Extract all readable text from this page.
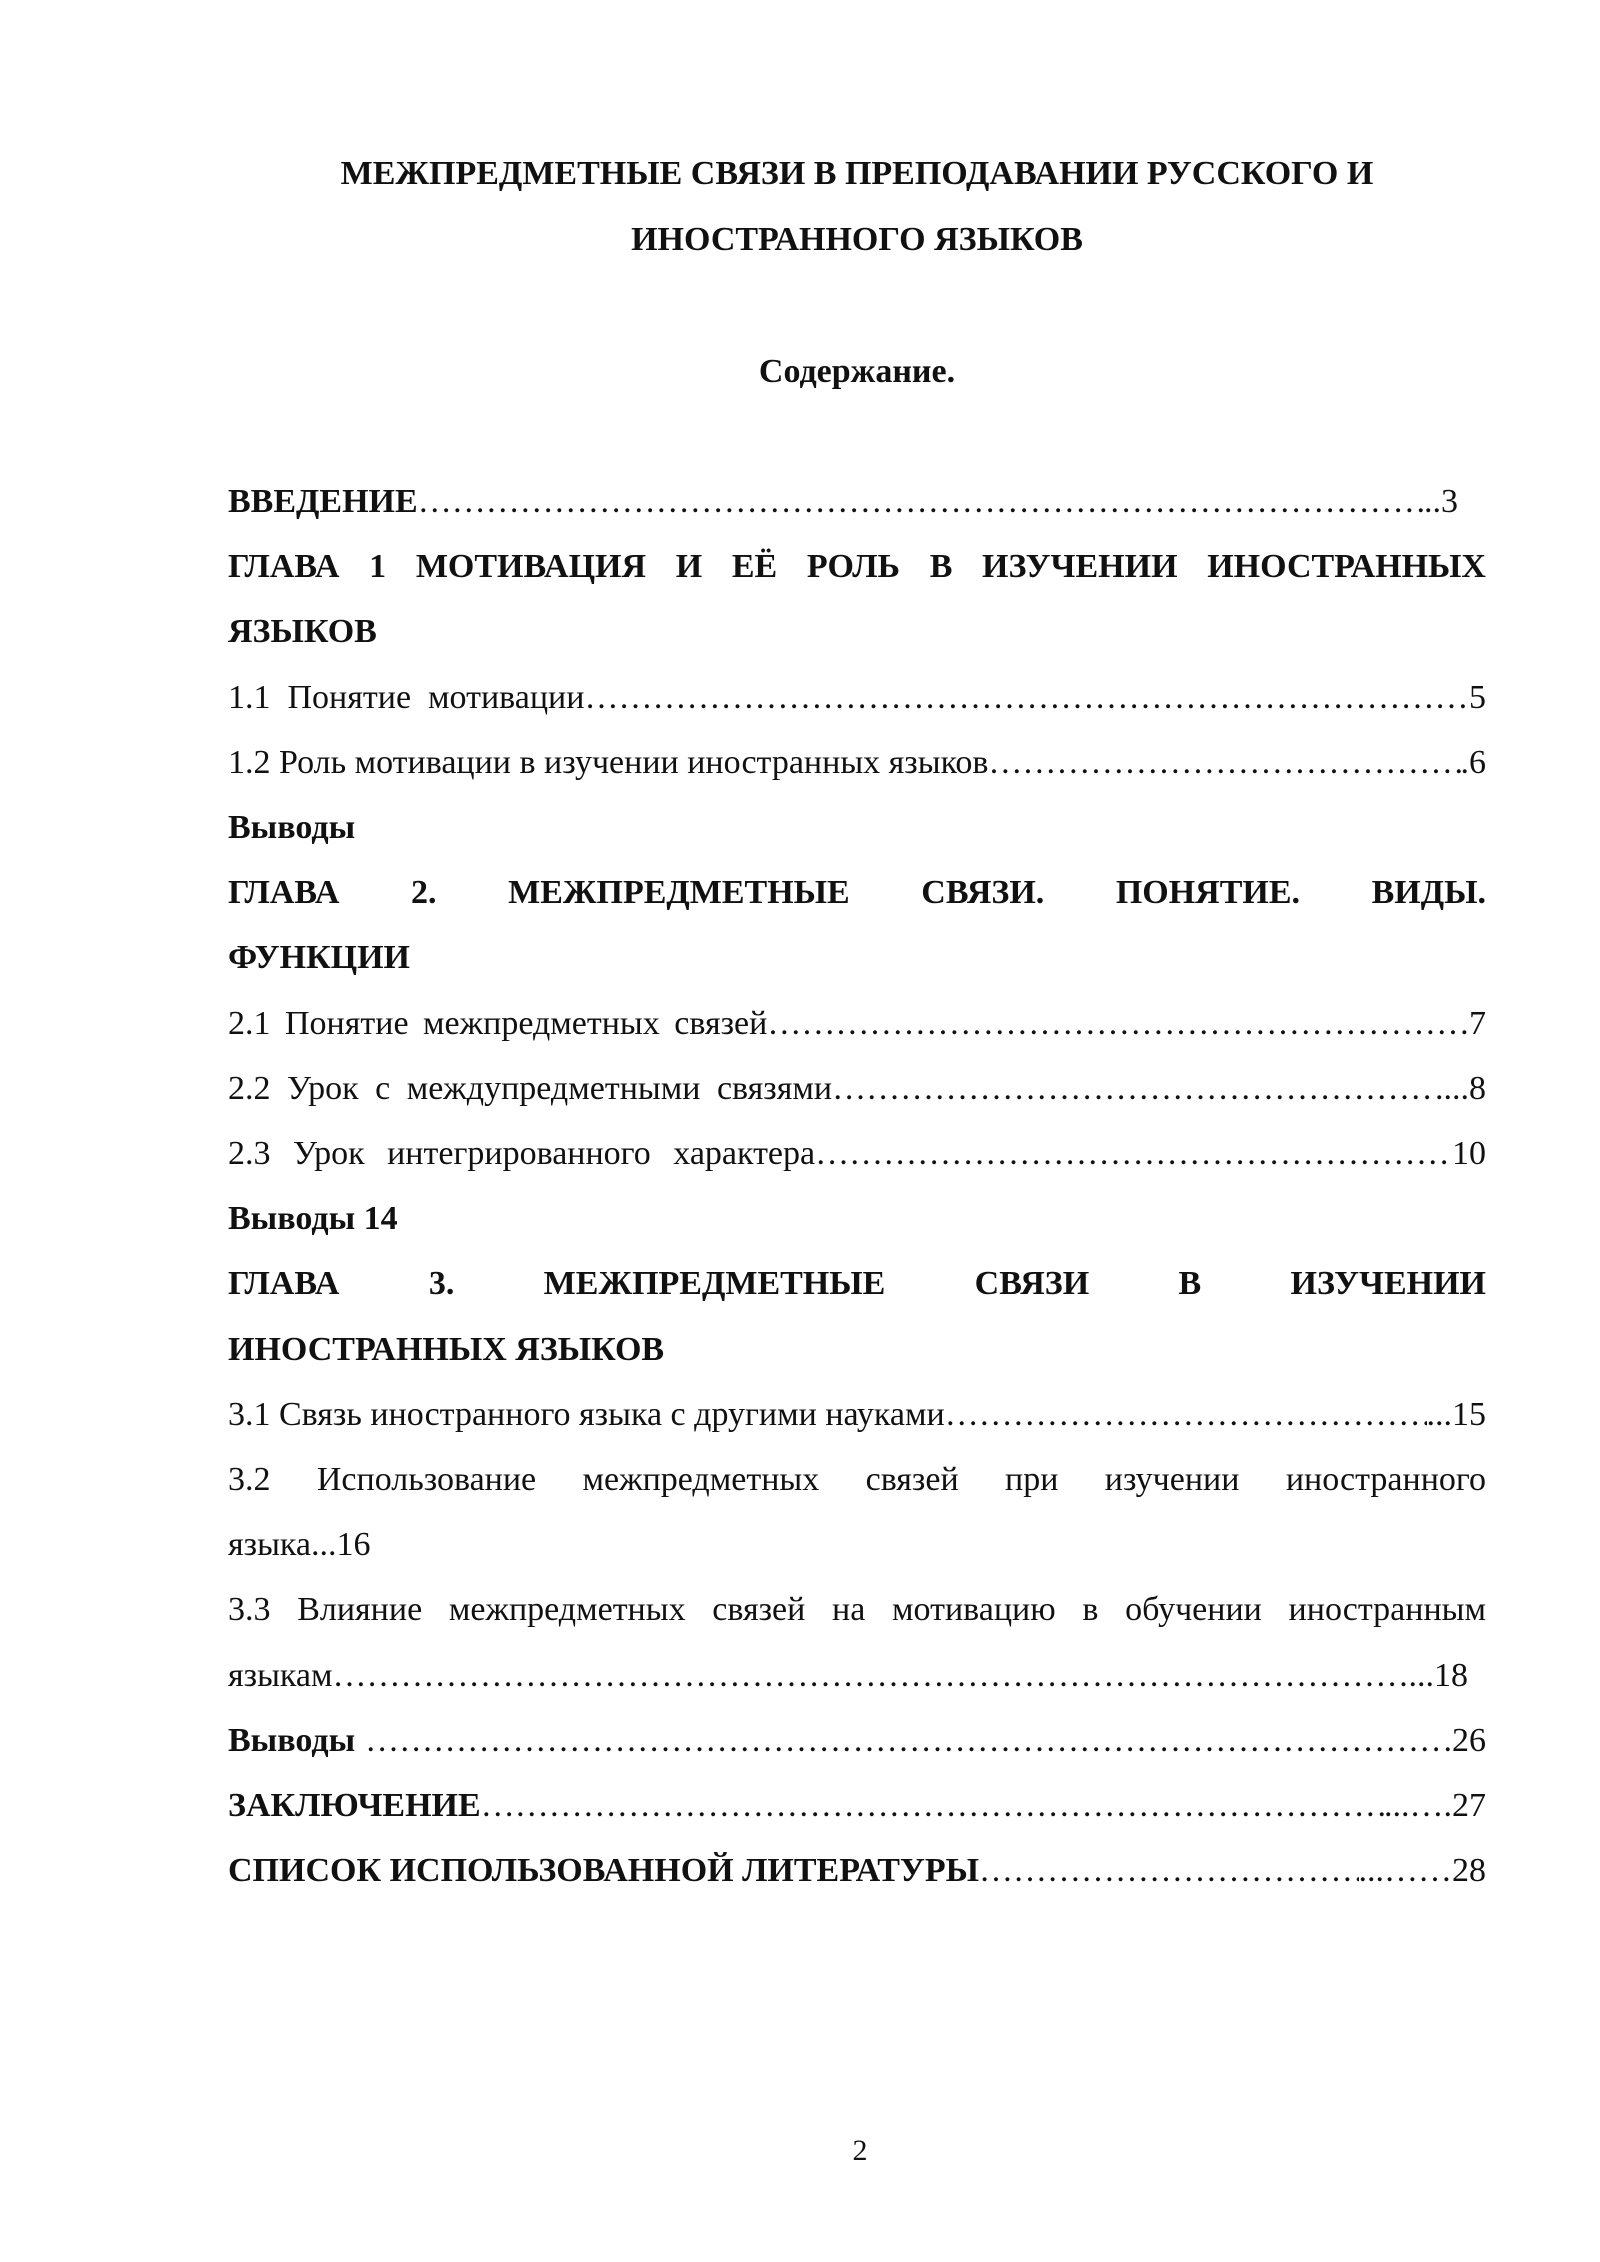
МЕЖПРЕДМЕТНЫЕ СВЯЗИ В ПРЕПОДАВАНИИ РУССКОГО И
ИНОСТРАННОГО ЯЗЫКОВ
Содержание.
ВВЕДЕНИЕ ………………………………………………………………………………………………………………………………………………………………………	..3
ГЛАВА 1 МОТИВАЦИЯ И ЕЁ РОЛЬ В ИЗУЧЕНИИ ИНОСТРАННЫХ
ЯЗЫКОВ
1.1  Понятие  мотивации ………………………………………………………………………………………………………………………………………………………………………	5
1.2 Роль мотивации в изучении иностранных языков ………………………………………………………………………………………………………………………………………………………………………	.6
Выводы
ГЛАВА 2. МЕЖПРЕДМЕТНЫЕ СВЯЗИ. ПОНЯТИЕ. ВИДЫ.
ФУНКЦИИ
2.1 Понятие межпредметных связей ………………………………………………………………………………………………………………………………………………………………………	7
2.2 Урок с междупредметными связями ………………………………………………………………………………………………………………………………………………………………………	....8
2.3 Урок интегрированного характера ………………………………………………………………………………………………………………………………………………………………………	10
Выводы 14
ГЛАВА 3. МЕЖПРЕДМЕТНЫЕ СВЯЗИ В ИЗУЧЕНИИ
ИНОСТРАННЫХ ЯЗЫКОВ
3.1 Связь иностранного языка с другими науками ………………………………………………………………………………………………………………………………………………………………………	...15
3.2 Использование межпредметных связей при изучении иностранного
языка...16
3.3 Влияние межпредметных связей на мотивацию в обучении иностранным
языкам ………………………………………………………………………………………………………………………………………………………………………	...18
Выводы ………………………………………………………………………………………………………………………………………………………………………	.26
ЗАКЛЮЧЕНИЕ ………………………………………………………………………………………………………………………………………………………………………	...….27
СПИСОК ИСПОЛЬЗОВАННОЙ ЛИТЕРАТУРЫ ………………………………………………………………………………………………………………………………………………………………………	...……28
2
